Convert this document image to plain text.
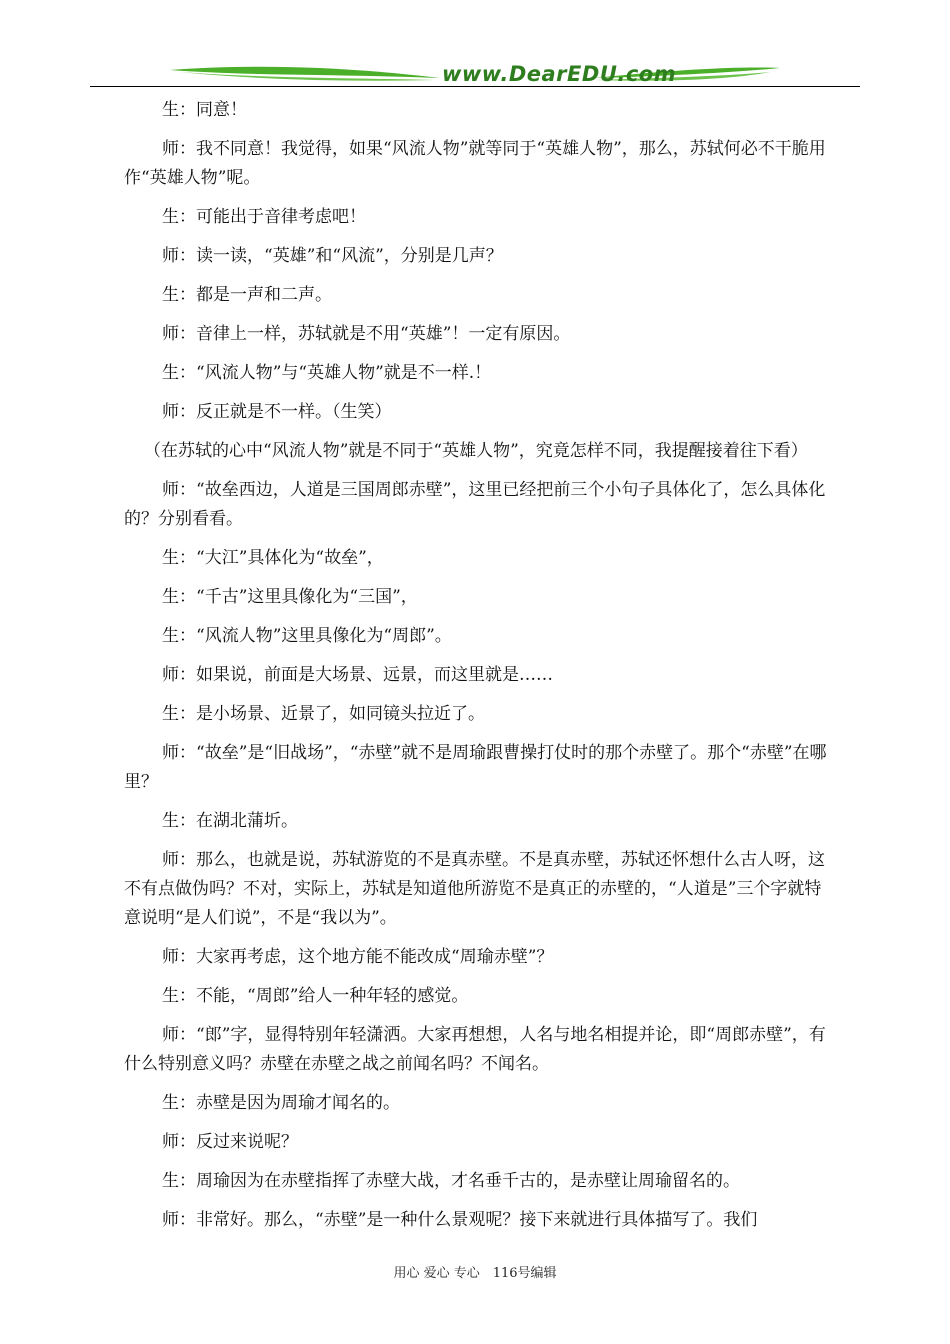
www.DearEDU.com

生：同意！

师：我不同意！我觉得，如果“风流人物”就等同于“英雄人物”，那么，苏轼何必不干脆用作“英雄人物”呢。

生：可能出于音律考虑吧！

师：读一读，“英雄”和“风流”，分别是几声？

生：都是一声和二声。

师：音律上一样，苏轼就是不用“英雄”！一定有原因。

生：“风流人物”与“英雄人物”就是不一样.！

师：反正就是不一样。（生笑）

（在苏轼的心中“风流人物”就是不同于“英雄人物”，究竟怎样不同，我提醒接着往下看）

师：“故垒西边，人道是三国周郎赤壁”，这里已经把前三个小句子具体化了，怎么具体化的？分别看看。

生：“大江”具体化为“故垒”，

生：“千古”这里具像化为“三国”，

生：“风流人物”这里具像化为“周郎”。

师：如果说，前面是大场景、远景，而这里就是……

生：是小场景、近景了，如同镜头拉近了。

师：“故垒”是“旧战场”，“赤壁”就不是周瑜跟曹操打仗时的那个赤壁了。那个“赤壁”在哪里？

生：在湖北蒲圻。

师：那么，也就是说，苏轼游览的不是真赤壁。不是真赤壁，苏轼还怀想什么古人呀，这不有点做伪吗？不对，实际上，苏轼是知道他所游览不是真正的赤壁的，“人道是”三个字就特意说明“是人们说”，不是“我以为”。

师：大家再考虑，这个地方能不能改成“周瑜赤壁”？

生：不能，“周郎”给人一种年轻的感觉。

师：“郎”字，显得特别年轻潇洒。大家再想想，人名与地名相提并论，即“周郎赤壁”，有什么特别意义吗？赤壁在赤壁之战之前闻名吗？不闻名。

生：赤壁是因为周瑜才闻名的。

师：反过来说呢？

生：周瑜因为在赤壁指挥了赤壁大战，才名垂千古的，是赤壁让周瑜留名的。

师：非常好。那么，“赤壁”是一种什么景观呢？接下来就进行具体描写了。我们

用心 爱心 专心　116号编辑
